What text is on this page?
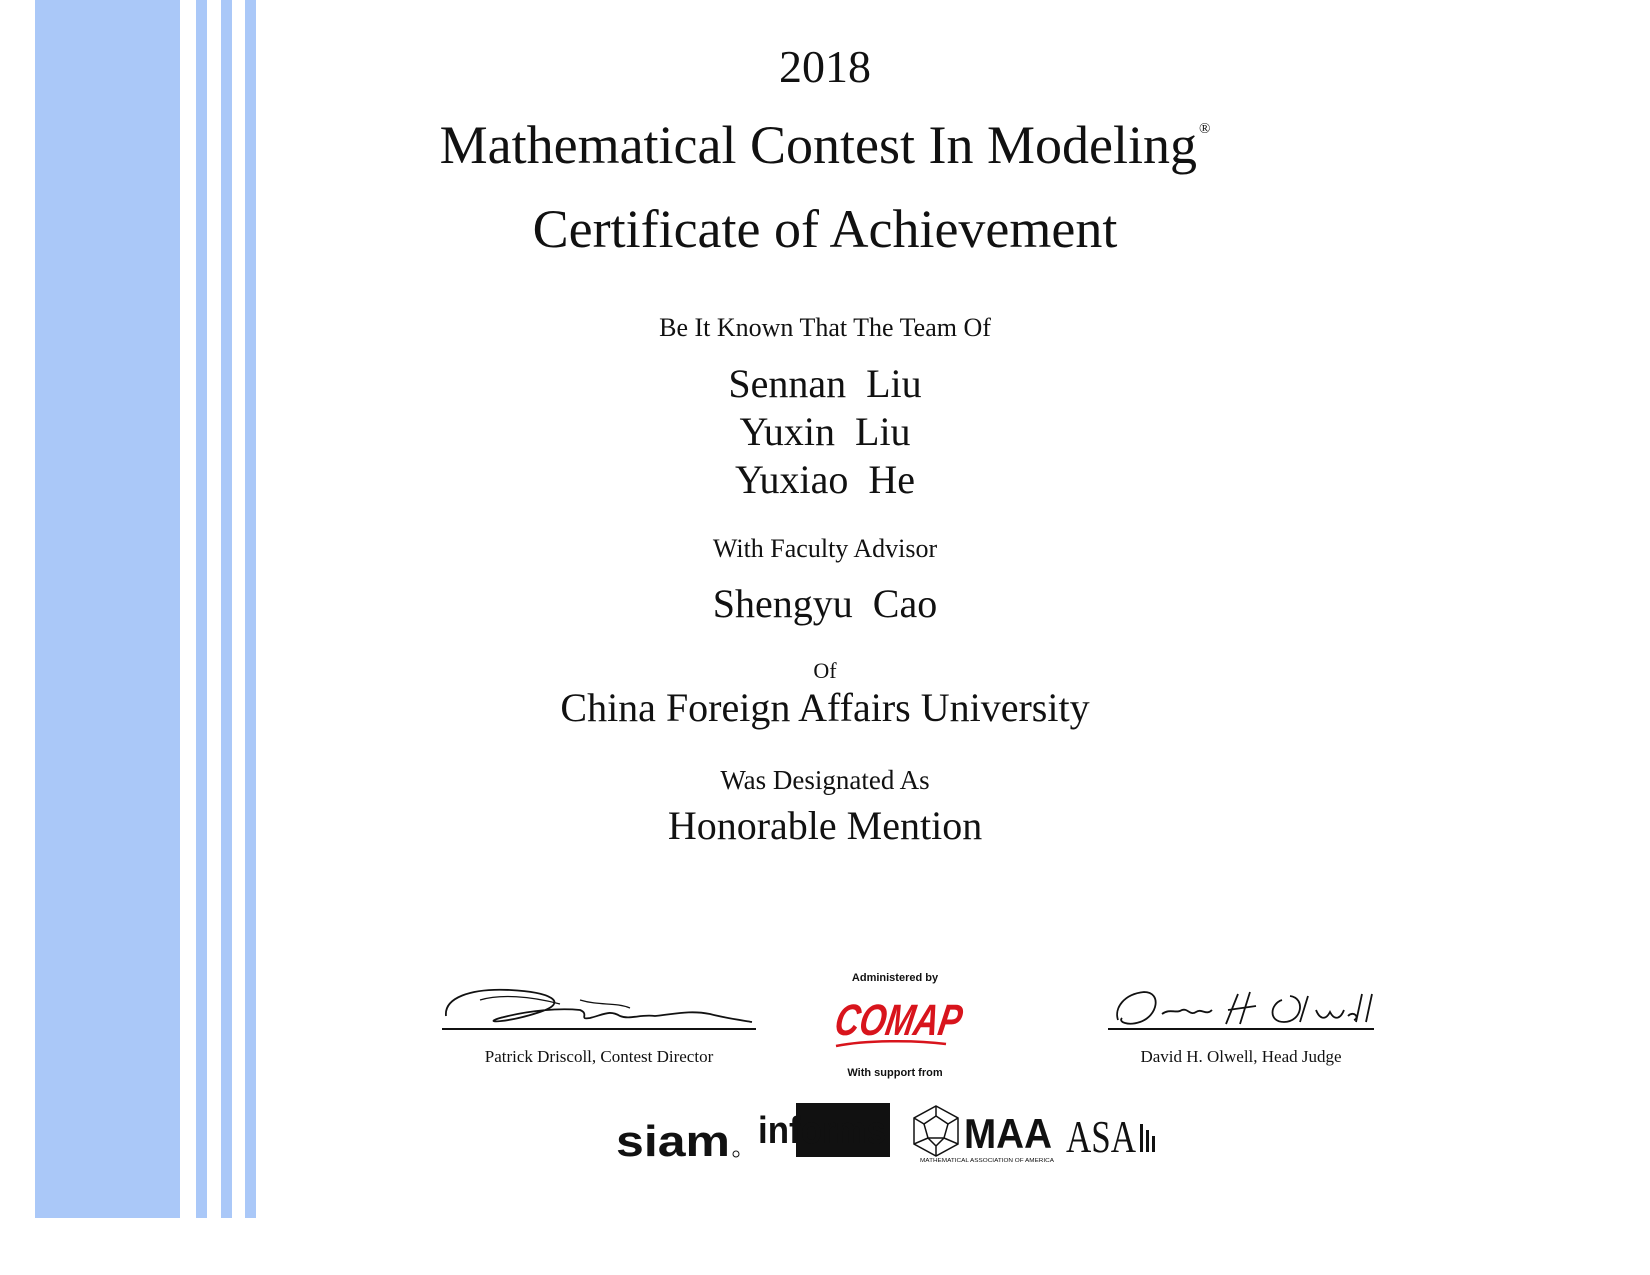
2018
Mathematical Contest In Modeling ®
Certificate of Achievement
Be It Known That The Team Of
Sennan  Liu
Yuxin  Liu
Yuxiao  He
With Faculty Advisor
Shengyu  Cao
Of
China Foreign Affairs University
Was Designated As
Honorable Mention
Patrick Driscoll, Contest Director	David H. Olwell, Head Judge
Administered by
COMAP
With support from
siam informs MAA
MATHEMATICAL ASSOCIATION OF AMERICA ASA
